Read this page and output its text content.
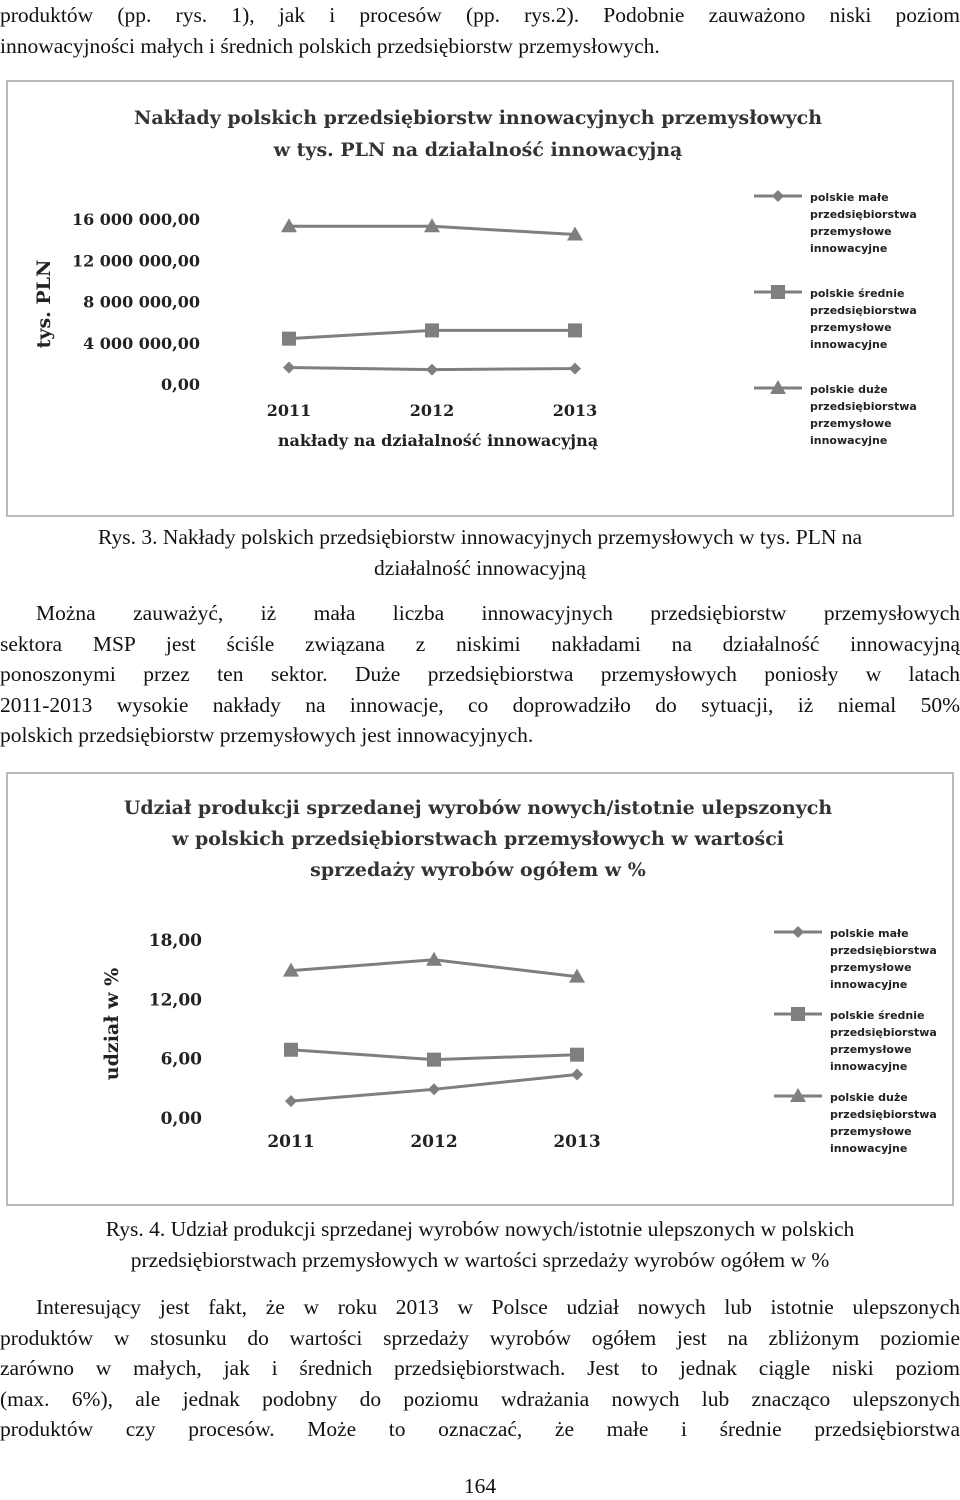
produktów (pp. rys. 1), jak i procesów (pp. rys.2). Podobnie zauważono niski poziom
innowacyjności małych i średnich polskich przedsiębiorstw przemysłowych.
Nakłady polskich przedsiębiorstw innowacyjnych przemysłowych
w tys. PLN na działalność innowacyjną
tys. PLN
0,00
4 000 000,00
8 000 000,00
12 000 000,00
16 000 000,00
2011	2012	2013
nakłady na działalność innowacyjną
polskie małe
przedsiębiorstwa
przemysłowe
innowacyjne
polskie średnie
przedsiębiorstwa
przemysłowe
innowacyjne
polskie duże
przedsiębiorstwa
przemysłowe
innowacyjne
Rys. 3. Nakłady polskich przedsiębiorstw innowacyjnych przemysłowych w tys. PLN na
działalność innowacyjną
Można zauważyć, iż mała liczba innowacyjnych przedsiębiorstw przemysłowych
sektora MSP jest ściśle związana z niskimi nakładami na działalność innowacyjną
ponoszonymi przez ten sektor. Duże przedsiębiorstwa przemysłowych poniosły w latach
2011-2013 wysokie nakłady na innowacje, co doprowadziło do sytuacji, iż niemal 50%
polskich przedsiębiorstw przemysłowych jest innowacyjnych.
Udział produkcji sprzedanej wyrobów nowych/istotnie ulepszonych
w polskich przedsiębiorstwach przemysłowych w wartości
sprzedaży wyrobów ogółem w %
udział w %
0,00
6,00
12,00
18,00
2011	2012	2013
polskie małe
przedsiębiorstwa
przemysłowe
innowacyjne
polskie średnie
przedsiębiorstwa
przemysłowe
innowacyjne
polskie duże
przedsiębiorstwa
przemysłowe
innowacyjne
Rys. 4. Udział produkcji sprzedanej wyrobów nowych/istotnie ulepszonych w polskich
przedsiębiorstwach przemysłowych w wartości sprzedaży wyrobów ogółem w %
Interesujący jest fakt, że w roku 2013 w Polsce udział nowych lub istotnie ulepszonych
produktów w stosunku do wartości sprzedaży wyrobów ogółem jest na zbliżonym poziomie
zarówno w małych, jak i średnich przedsiębiorstwach. Jest to jednak ciągle niski poziom
(max. 6%), ale jednak podobny do poziomu wdrażania nowych lub znacząco ulepszonych
produktów czy procesów. Może to oznaczać, że małe i średnie przedsiębiorstwa
164
